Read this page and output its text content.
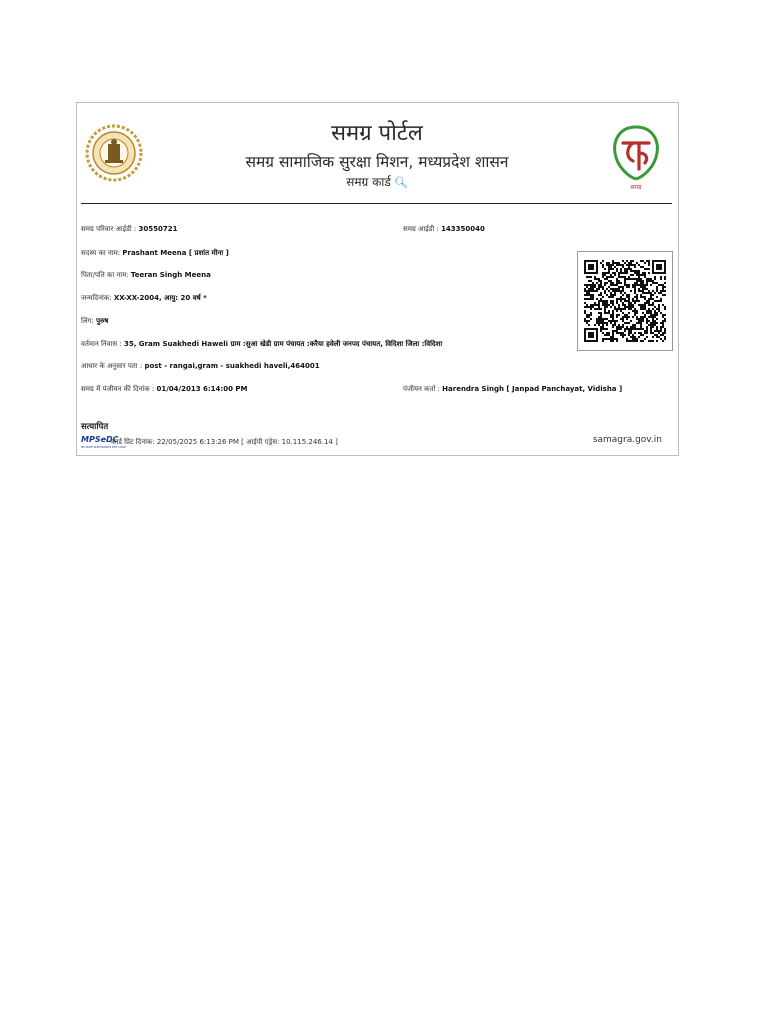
समग्र पोर्टल
समग्र सामाजिक सुरक्षा मिशन, मध्यप्रदेश शासन
समग्र कार्ड 🔍︎	समग्र
समग्र परिवार आईडी : 30550721	समग्र आईडी : 143350040
सदस्य का नाम: Prashant Meena [ प्रशांत मीना ]
पिता/पति का नाम: Teeran Singh Meena
जन्मदिनांक: XX-XX-2004, आयु: 20 वर्ष *
लिंग: पुरुष
वर्तमान निवास : 35, Gram Suakhedi Haweli ग्राम :सुआ खेडी ग्राम पंचायत :करैया हवेली जनपद पंचायत, विदिशा जिला :विदिशा
आधार के अनुसार पता : post - rangai,gram - suakhedi haveli,464001
समग्र में पंजीयन की दिनांक : 01/04/2013 6:14:00 PM	पंजीयन कर्ता : Harendra Singh [ Janpad Panchayat, Vidisha ]
सत्यापित
MPSeDC
MP STATE ELECTRONICS DEV. CORP.
कार्ड प्रिंट दिनांक: 22/05/2025 6:13:26 PM [ आईपी एड्रेस: 10.115.246.14 ]	samagra.gov.in
